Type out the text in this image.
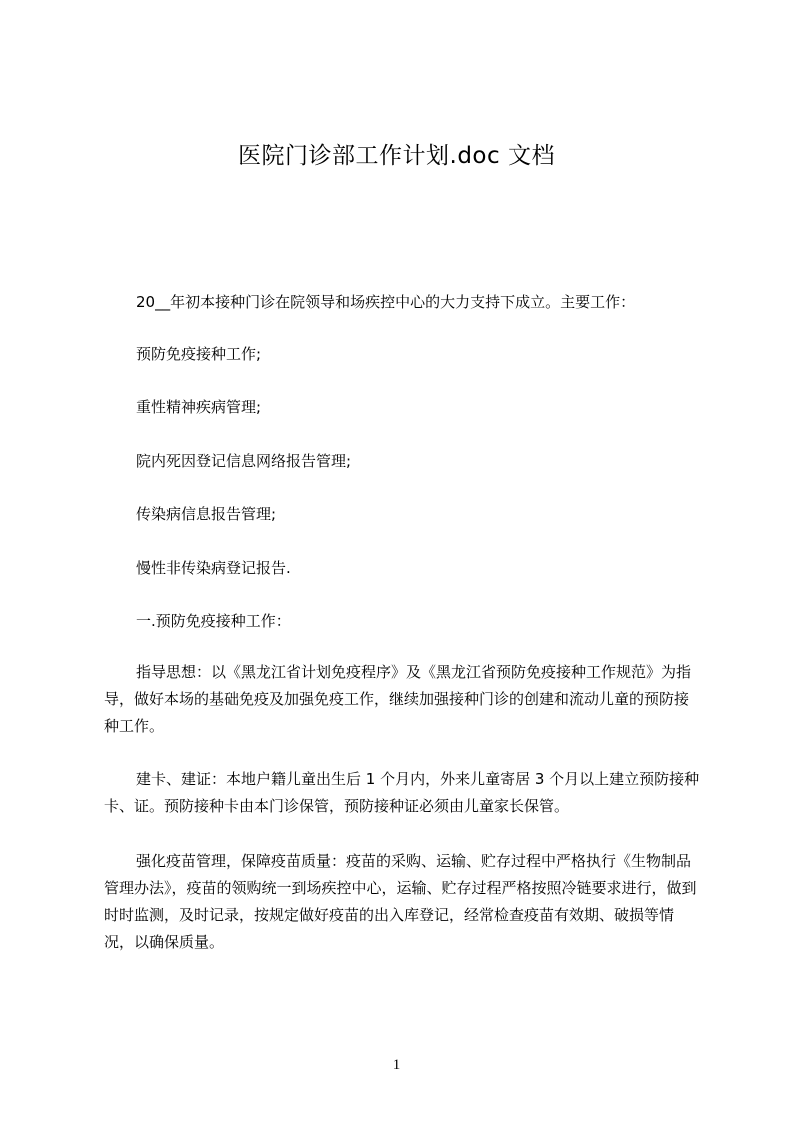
医院门诊部工作计划.doc 文档
20__年初本接种门诊在院领导和场疾控中心的大力支持下成立。主要工作：
预防免疫接种工作;
重性精神疾病管理;
院内死因登记信息网络报告管理;
传染病信息报告管理;
慢性非传染病登记报告.
一.预防免疫接种工作：
指导思想：以《黑龙江省计划免疫程序》及《黑龙江省预防免疫接种工作规范》为指导，做好本场的基础免疫及加强免疫工作，继续加强接种门诊的创建和流动儿童的预防接种工作。
建卡、建证：本地户籍儿童出生后 1 个月内，外来儿童寄居 3 个月以上建立预防接种卡、证。预防接种卡由本门诊保管，预防接种证必须由儿童家长保管。
强化疫苗管理，保障疫苗质量：疫苗的采购、运输、贮存过程中严格执行《生物制品管理办法》，疫苗的领购统一到场疾控中心，运输、贮存过程严格按照冷链要求进行，做到时时监测，及时记录，按规定做好疫苗的出入库登记，经常检查疫苗有效期、破损等情况，以确保质量。
1
